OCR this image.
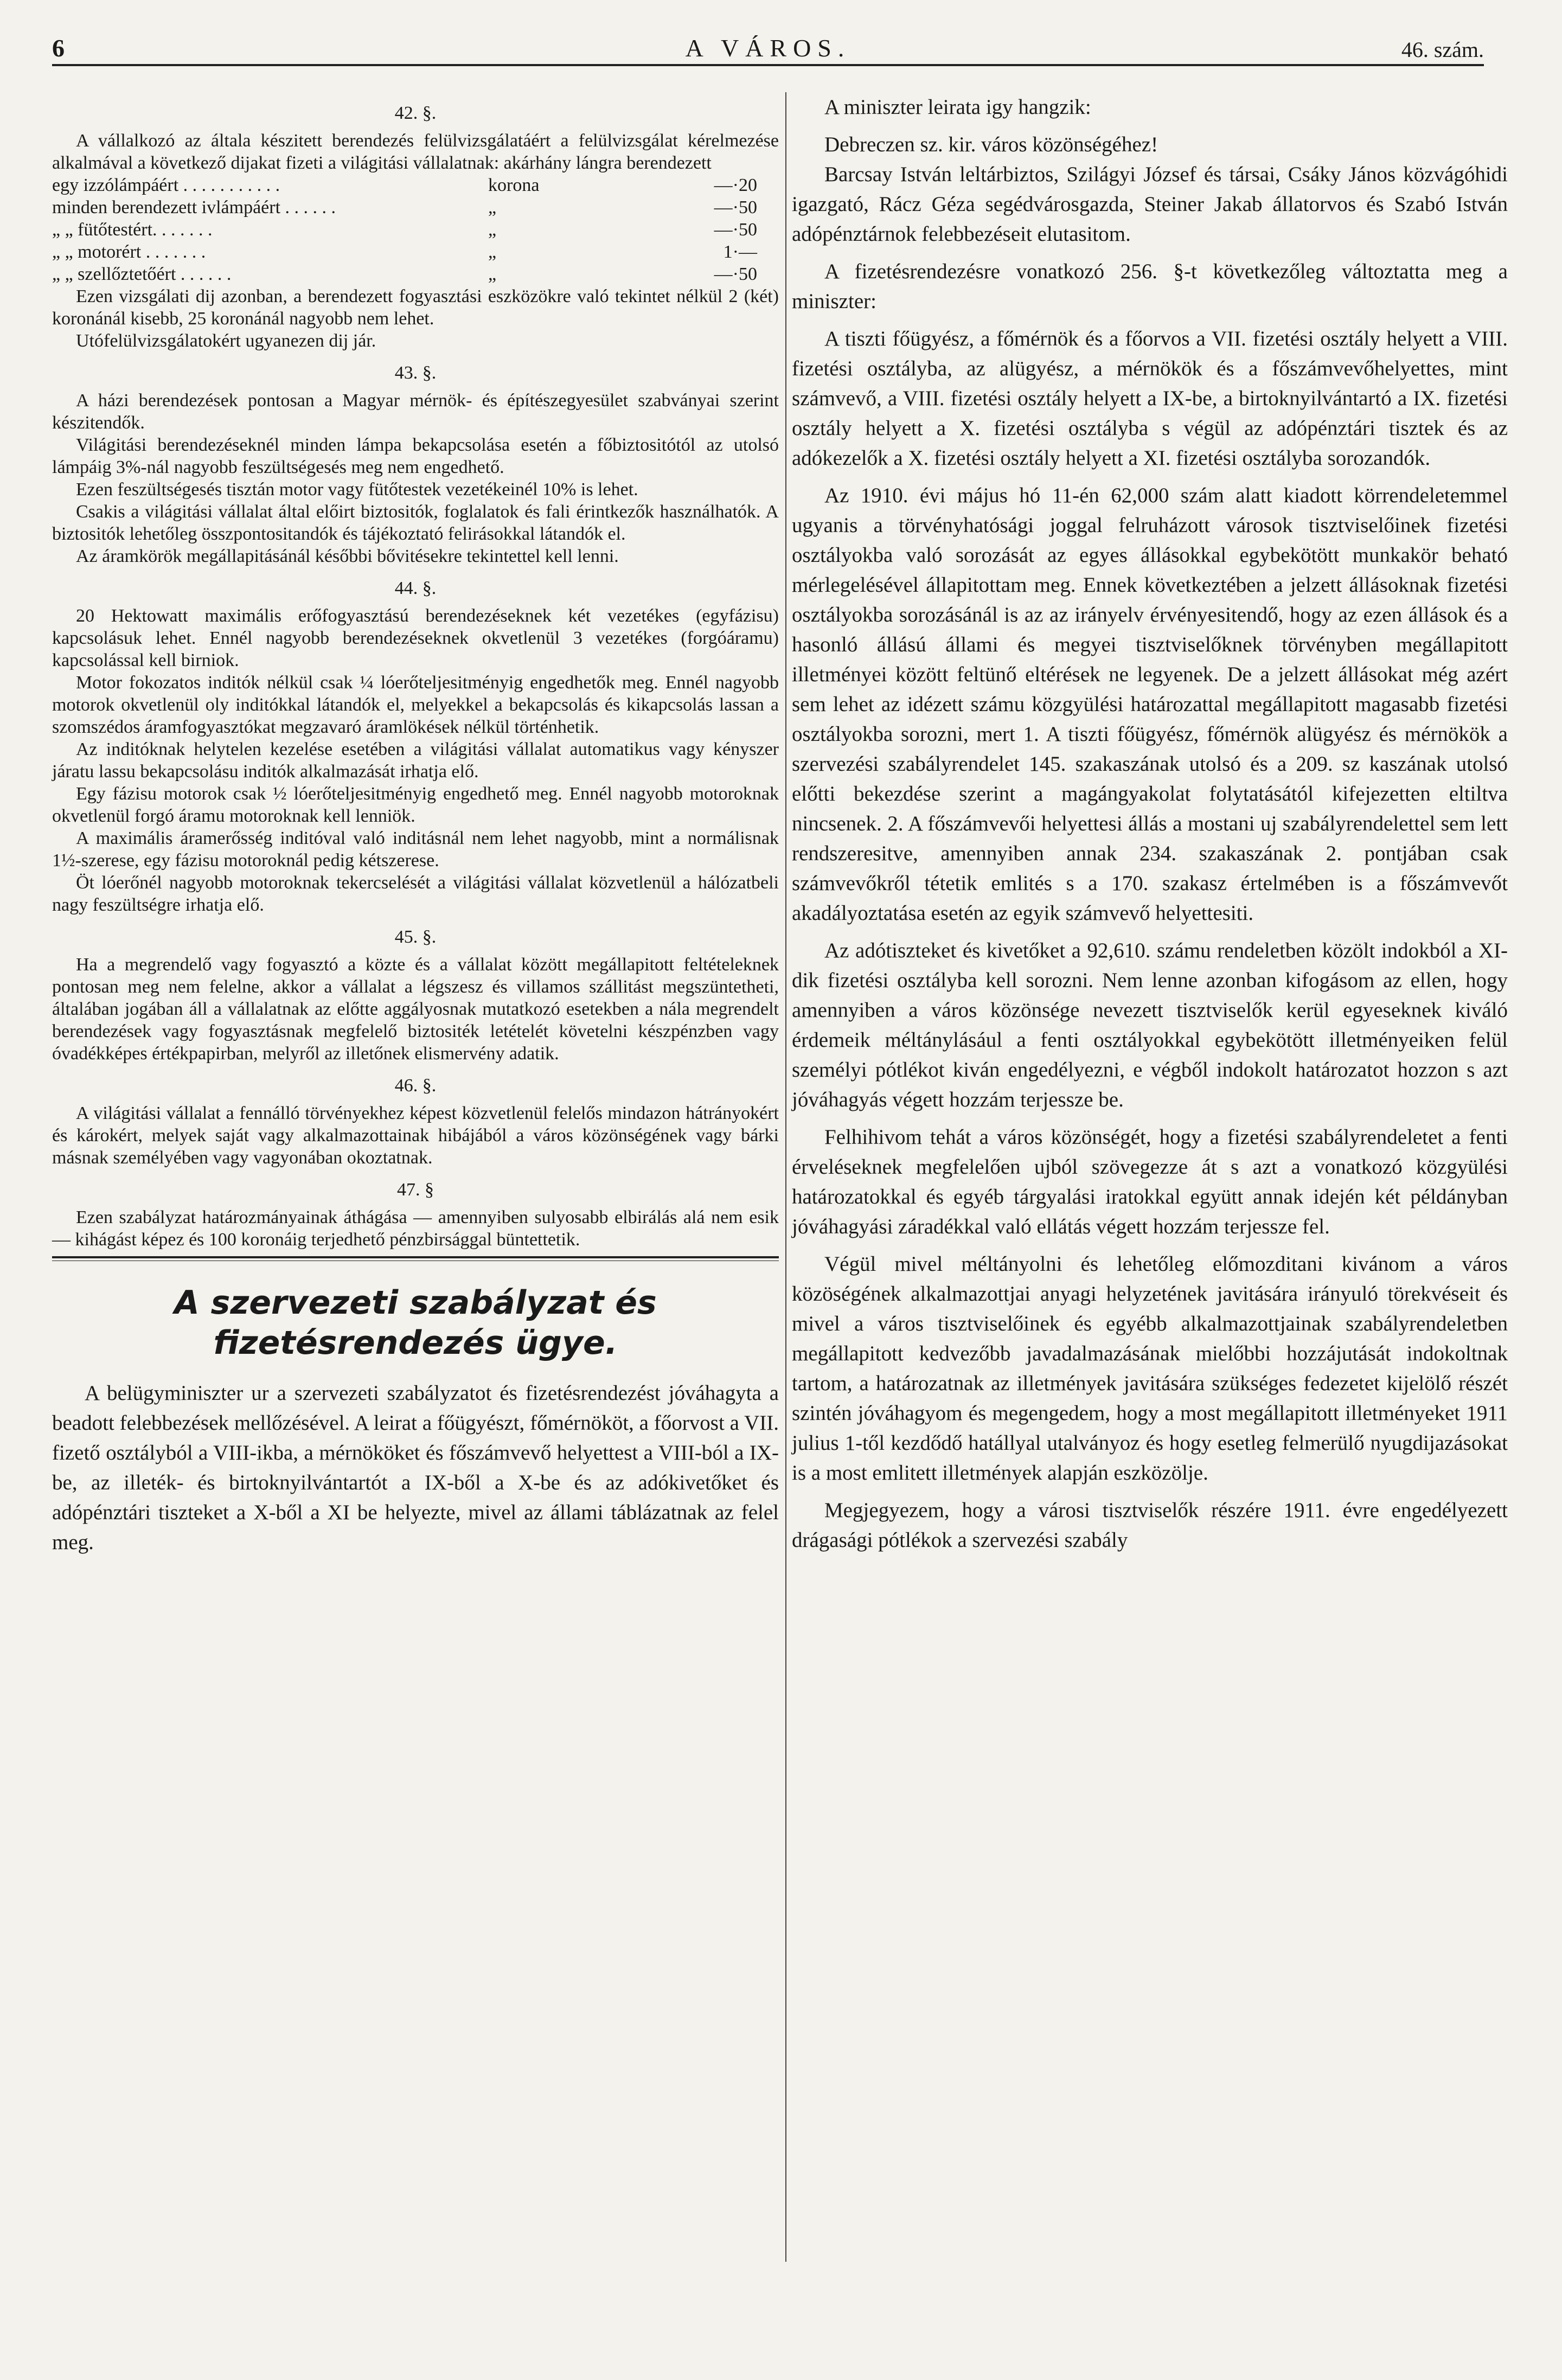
6	A VÁROS.	46. szám.

42. §.

A vállalkozó az általa készitett berendezés felülvizsgálatáért a felülvizsgálat kérelmezése alkalmával a következő dijakat fizeti a világitási vállalatnak: akárhány lángra berendezett

egy izzólámpáért . . . . . . . . . . .	korona	—·20
minden berendezett ivlámpáért . . . . . .	„	—·50
„ „ fütőtestért. . . . . . .	„	—·50
„ „ motorért . . . . . . .	„	1·—
„ „ szellőztetőért . . . . . .	„	—·50

Ezen vizsgálati dij azonban, a berendezett fogyasztási eszközökre való tekintet nélkül 2 (két) koronánál kisebb, 25 koronánál nagyobb nem lehet.

Utófelülvizsgálatokért ugyanezen dij jár.

43. §.

A házi berendezések pontosan a Magyar mérnök- és építészegyesület szabványai szerint készitendők.

Világitási berendezéseknél minden lámpa bekapcsolása esetén a főbiztositótól az utolsó lámpáig 3%-nál nagyobb feszültségesés meg nem engedhető.

Ezen feszültségesés tisztán motor vagy fütőtestek vezetékeinél 10% is lehet.

Csakis a világitási vállalat által előirt biztositók, foglalatok és fali érintkezők használhatók. A biztositók lehetőleg összpontositandók és tájékoztató felirásokkal látandók el.

Az áramkörök megállapitásánál későbbi bővitésekre tekintettel kell lenni.

44. §.

20 Hektowatt maximális erőfogyasztású berendezéseknek két vezetékes (egyfázisu) kapcsolásuk lehet. Ennél nagyobb berendezéseknek okvetlenül 3 vezetékes (forgóáramu) kapcsolással kell birniok.

Motor fokozatos inditók nélkül csak ¼ lóerőteljesitményig engedhetők meg. Ennél nagyobb motorok okvetlenül oly inditókkal látandók el, melyekkel a bekapcsolás és kikapcsolás lassan a szomszédos áramfogyasztókat megzavaró áramlökések nélkül történhetik.

Az inditóknak helytelen kezelése esetében a világitási vállalat automatikus vagy kényszer járatu lassu bekapcsolásu inditók alkalmazását irhatja elő.

Egy fázisu motorok csak ½ lóerőteljesitményig engedhető meg. Ennél nagyobb motoroknak okvetlenül forgó áramu motoroknak kell lenniök.

A maximális áramerősség inditóval való inditásnál nem lehet nagyobb, mint a normálisnak 1½-szerese, egy fázisu motoroknál pedig kétszerese.

Öt lóerőnél nagyobb motoroknak tekercselését a világitási vállalat közvetlenül a hálózatbeli nagy feszültségre irhatja elő.

45. §.

Ha a megrendelő vagy fogyasztó a közte és a vállalat között megállapitott feltételeknek pontosan meg nem felelne, akkor a vállalat a légszesz és villamos szállitást megszüntetheti, általában jogában áll a vállalatnak az előtte aggályosnak mutatkozó esetekben a nála megrendelt berendezések vagy fogyasztásnak megfelelő biztositék letételét követelni készpénzben vagy óvadékképes értékpapirban, melyről az illetőnek elismervény adatik.

46. §.

A világitási vállalat a fennálló törvényekhez képest közvetlenül felelős mindazon hátrányokért és károkért, melyek saját vagy alkalmazottainak hibájából a város közönségének vagy bárki másnak személyében vagy vagyonában okoztatnak.

47. §

Ezen szabályzat határozmányainak áthágása — amennyiben sulyosabb elbirálás alá nem esik — kihágást képez és 100 koronáig terjedhető pénzbirsággal büntettetik.

A szervezeti szabályzat és fizetésrendezés ügye.

A belügyminiszter ur a szervezeti szabályzatot és fizetésrendezést jóváhagyta a beadott felebbezések mellőzésével. A leirat a főügyészt, főmérnököt, a főorvost a VII. fizető osztályból a VIII-ikba, a mérnököket és főszámvevő helyettest a VIII-ból a IX-be, az illeték- és birtoknyilvántartót a IX-ből a X-be és az adókivetőket és adópénztári tiszteket a X-ből a XI be helyezte, mivel az állami táblázatnak az felel meg.

A miniszter leirata igy hangzik:

Debreczen sz. kir. város közönségéhez!

Barcsay István leltárbiztos, Szilágyi József és társai, Csáky János közvágóhidi igazgató, Rácz Géza segédvárosgazda, Steiner Jakab állatorvos és Szabó István adópénztárnok felebbezéseit elutasitom.

A fizetésrendezésre vonatkozó 256. §-t következőleg változtatta meg a miniszter:

A tiszti főügyész, a főmérnök és a főorvos a VII. fizetési osztály helyett a VIII. fizetési osztályba, az alügyész, a mérnökök és a főszámvevőhelyettes, mint számvevő, a VIII. fizetési osztály helyett a IX-be, a birtoknyilvántartó a IX. fizetési osztály helyett a X. fizetési osztályba s végül az adópénztári tisztek és az adókezelők a X. fizetési osztály helyett a XI. fizetési osztályba sorozandók.

Az 1910. évi május hó 11-én 62,000 szám alatt kiadott körrendeletemmel ugyanis a törvényhatósági joggal felruházott városok tisztviselőinek fizetési osztályokba való sorozását az egyes állásokkal egybekötött munkakör beható mérlegelésével állapitottam meg. Ennek következtében a jelzett állásoknak fizetési osztályokba sorozásánál is az az irányelv érvényesitendő, hogy az ezen állások és a hasonló állású állami és megyei tisztviselőknek törvényben megállapitott illetményei között feltünő eltérések ne legyenek. De a jelzett állásokat még azért sem lehet az idézett számu közgyülési határozattal megállapitott magasabb fizetési osztályokba sorozni, mert 1. A tiszti főügyész, főmérnök alügyész és mérnökök a szervezési szabályrendelet 145. szakaszának utolsó és a 209. sz kaszának utolsó előtti bekezdése szerint a magángyakolat folytatásától kifejezetten eltiltva nincsenek. 2. A főszámvevői helyettesi állás a mostani uj szabályrendelettel sem lett rendszeresitve, amennyiben annak 234. szakaszának 2. pontjában csak számvevőkről tétetik emlités s a 170. szakasz értelmében is a főszámvevőt akadályoztatása esetén az egyik számvevő helyettesiti.

Az adótiszteket és kivetőket a 92,610. számu rendeletben közölt indokból a XI-dik fizetési osztályba kell sorozni. Nem lenne azonban kifogásom az ellen, hogy amennyiben a város közönsége nevezett tisztviselők kerül egyeseknek kiváló érdemeik méltánylásául a fenti osztályokkal egybekötött illetményeiken felül személyi pótlékot kiván engedélyezni, e végből indokolt határozatot hozzon s azt jóváhagyás végett hozzám terjessze be.

Felhihivom tehát a város közönségét, hogy a fizetési szabályrendeletet a fenti érveléseknek megfelelően ujból szövegezze át s azt a vonatkozó közgyülési határozatokkal és egyéb tárgyalási iratokkal együtt annak idején két példányban jóváhagyási záradékkal való ellátás végett hozzám terjessze fel.

Végül mivel méltányolni és lehetőleg előmozditani kivánom a város közöségének alkalmazottjai anyagi helyzetének javitására irányuló törekvéseit és mivel a város tisztviselőinek és egyébb alkalmazottjainak szabályrendeletben megállapitott kedvezőbb javadalmazásának mielőbbi hozzájutását indokoltnak tartom, a határozatnak az illetmények javitására szükséges fedezetet kijelölő részét szintén jóváhagyom és megengedem, hogy a most megállapitott illetményeket 1911 julius 1-től kezdődő hatállyal utalványoz és hogy esetleg felmerülő nyugdijazásokat is a most emlitett illetmények alapján eszközölje.

Megjegyezem, hogy a városi tisztviselők részére 1911. évre engedélyezett drágasági pótlékok a szervezési szabály
